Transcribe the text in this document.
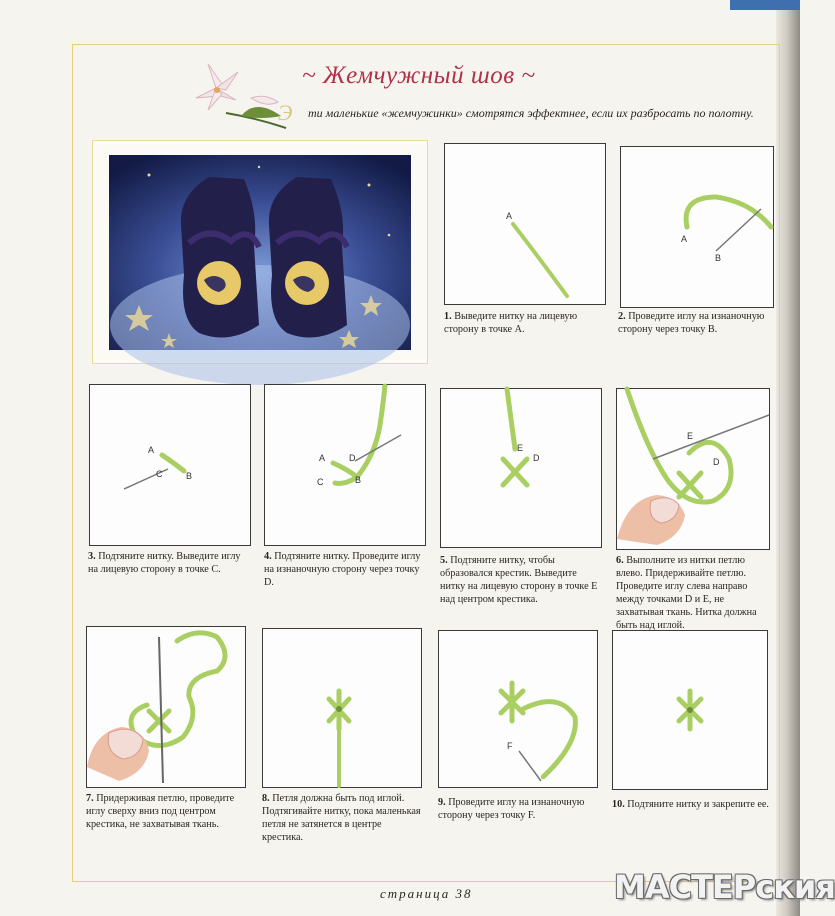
~ Жемчужный шов ~
Э ти маленькие «жемчужинки» смотрятся эффектнее, если их разбросать по полотну.
A
A
B
A
C	B
A	D
C	B
E
D
E
D
F
1. Выведите нитку на лицевую сторону в точке A.
2. Проведите иглу на изнаночную сторону через точку B.
3. Подтяните нитку. Выведите иглу на лицевую сторону в точке C.
4. Подтяните нитку. Проведите иглу на изнаночную сторону через точку D.
5. Подтяните нитку, чтобы образовался крестик. Выведите нитку на лицевую сторону в точке E над центром крестика.
6. Выполните из нитки петлю влево. Придерживайте петлю. Проведите иглу слева направо между точками D и E, не захватывая ткань. Нитка должна быть над иглой.
7. Придерживая петлю, проведите иглу сверху вниз под центром крестика, не захватывая ткань.
8. Петля должна быть под иглой. Подтягивайте нитку, пока маленькая петля не затянется в центре крестика.
9. Проведите иглу на изнаночную сторону через точку F.
10. Подтяните нитку и закрепите ее.
страница 38	МАСТЕРския
